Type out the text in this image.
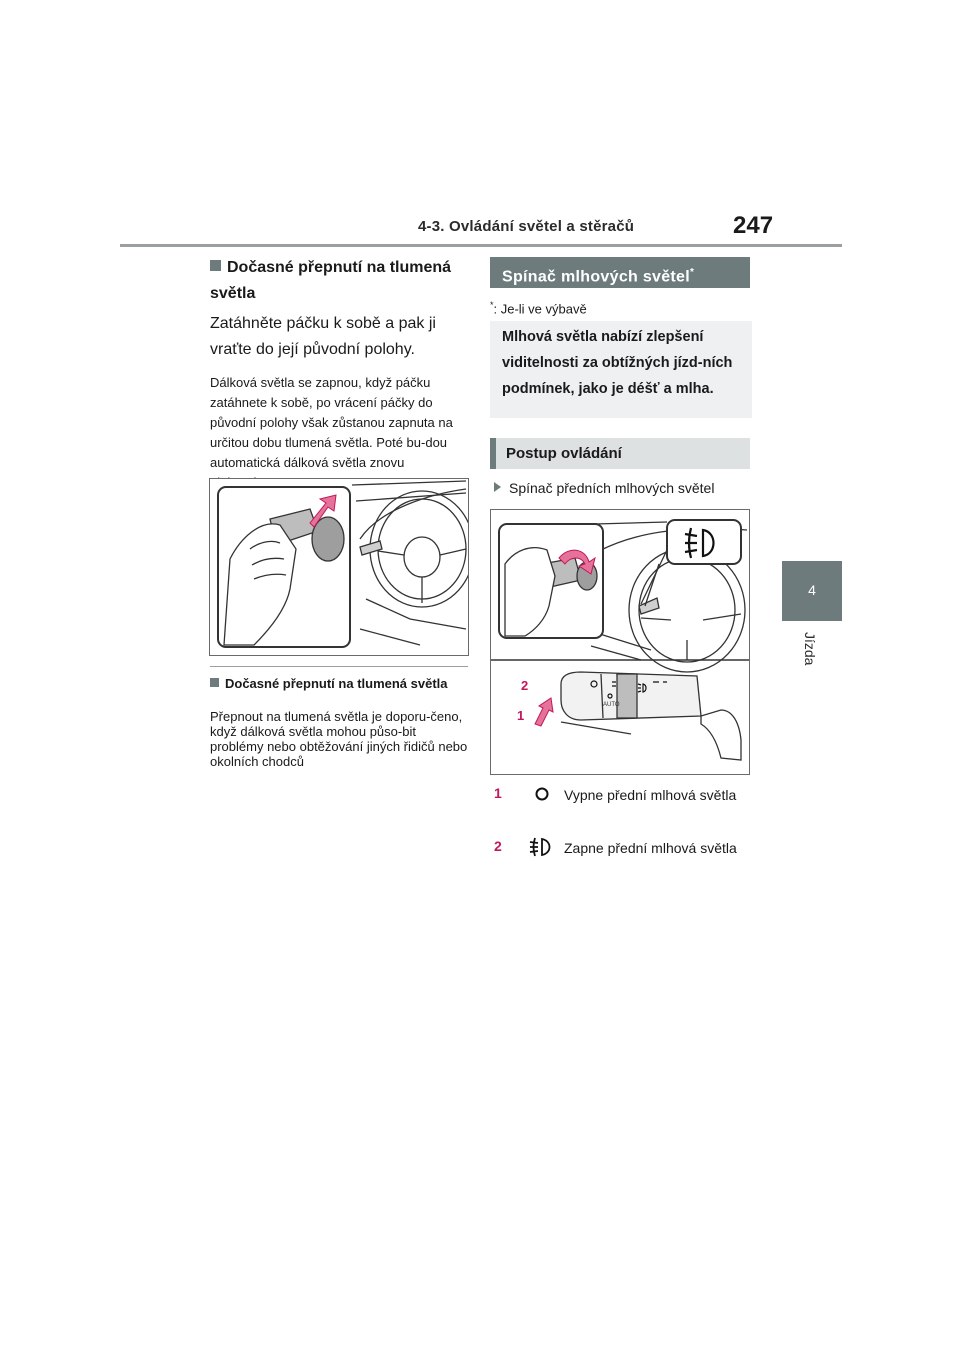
4-3. Ovládání světel a stěračů	247
4
Jízda
Dočasné přepnutí na tlumená světla
Zatáhněte páčku k sobě a pak ji vraťte do její původní polohy.
Dálková světla se zapnou, když páčku zatáhnete k sobě, po vrácení páčky do původní polohy však zůstanou zapnuta na určitou dobu tlumená světla. Poté bu-dou automatická dálková světla znovu
Dočasné přepnutí na tlumená světla
Přepnout na tlumená světla je doporu-čeno, když dálková světla mohou půso-bit problémy nebo obtěžování jiných řidičů nebo okolních chodců
Spínač mlhových světel*
*: Je-li ve výbavě
Mlhová světla nabízí zlepšení viditelnosti za obtížných jízd-ních podmínek, jako je déšť a mlha.
Postup ovládání
Spínač předních mlhových světel
AUTO
2
1
1	Vypne přední mlhová světla
2	Zapne přední mlhová světla
